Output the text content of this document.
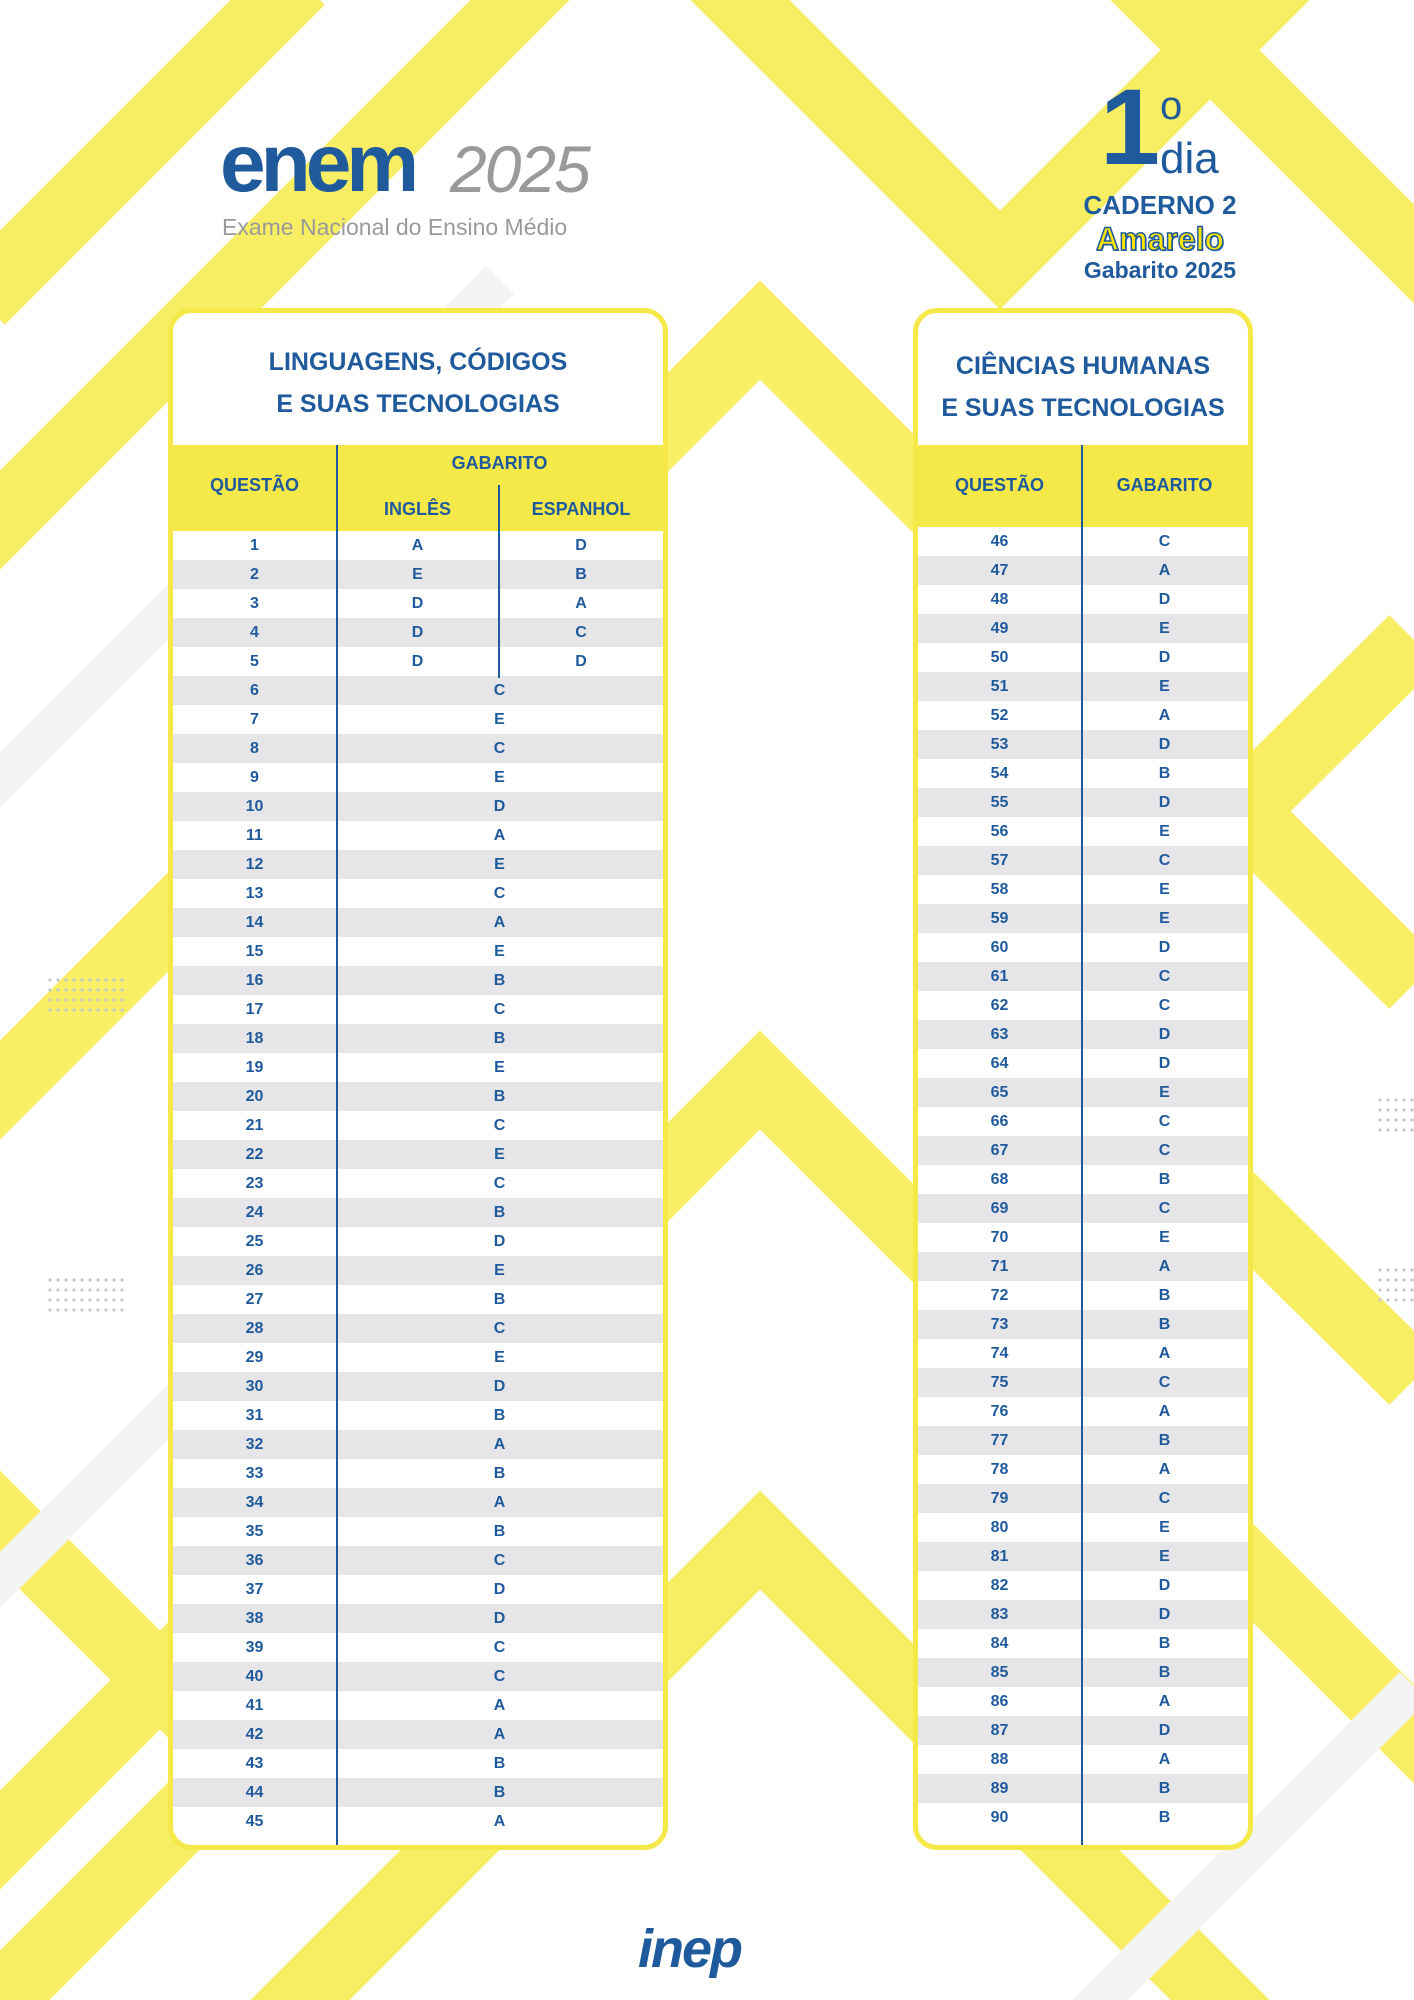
enem 2025
Exame Nacional do Ensino Médio
1 o
dia
CADERNO 2
Amarelo
Gabarito 2025
LINGUAGENS, CÓDIGOS
E SUAS TECNOLOGIAS
QUESTÃO
GABARITO
INGLÊS	ESPANHOL
1	A	D
2	E	B
3	D	A
4	D	C
5	D	D
6	C
7	E
8	C
9	E
10	D
11	A
12	E
13	C
14	A
15	E
16	B
17	C
18	B
19	E
20	B
21	C
22	E
23	C
24	B
25	D
26	E
27	B
28	C
29	E
30	D
31	B
32	A
33	B
34	A
35	B
36	C
37	D
38	D
39	C
40	C
41	A
42	A
43	B
44	B
45	A
CIÊNCIAS HUMANAS
E SUAS TECNOLOGIAS
QUESTÃO	GABARITO
46	C
47	A
48	D
49	E
50	D
51	E
52	A
53	D
54	B
55	D
56	E
57	C
58	E
59	E
60	D
61	C
62	C
63	D
64	D
65	E
66	C
67	C
68	B
69	C
70	E
71	A
72	B
73	B
74	A
75	C
76	A
77	B
78	A
79	C
80	E
81	E
82	D
83	D
84	B
85	B
86	A
87	D
88	A
89	B
90	B
inep
